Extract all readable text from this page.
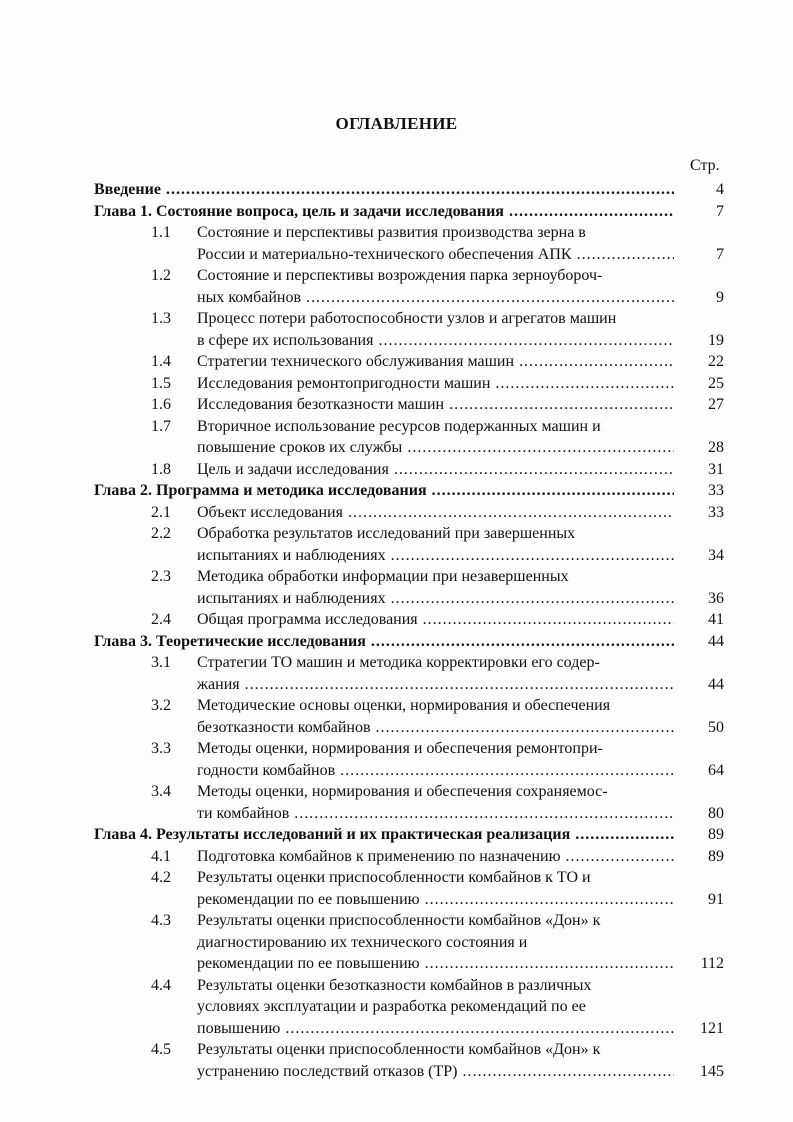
ОГЛАВЛЕНИЕ
Стр.
Введение .....	4
Глава 1. Состояние вопроса, цель и задачи исследования .....	7
1.1 Состояние и перспективы развития производства зерна в
России и материально-технического обеспечения АПК .....	7
1.2 Состояние и перспективы возрождения парка зерноубороч-
ных комбайнов .....	9
1.3 Процесс потери работоспособности узлов и агрегатов машин
в сфере их использования .....	19
1.4 Стратегии технического обслуживания машин .....	22
1.5 Исследования ремонтопригодности машин .....	25
1.6 Исследования безотказности машин .....	27
1.7 Вторичное использование ресурсов подержанных машин и
повышение сроков их службы .....	28
1.8 Цель и задачи исследования .....	31
Глава 2. Программа и методика исследования .....	33
2.1 Объект исследования .....	33
2.2 Обработка результатов исследований при завершенных
испытаниях и наблюдениях .....	34
2.3 Методика обработки информации при незавершенных
испытаниях и наблюдениях .....	36
2.4 Общая программа исследования .....	41
Глава 3. Теоретические исследования .....	44
3.1 Стратегии ТО машин и методика корректировки его содер-
жания .....	44
3.2 Методические основы оценки, нормирования и обеспечения
безотказности комбайнов .....	50
3.3 Методы оценки, нормирования и обеспечения ремонтопри-
годности комбайнов .....	64
3.4 Методы оценки, нормирования и обеспечения сохраняемос-
ти комбайнов .....	80
Глава 4. Результаты исследований и их практическая реализация .....	89
4.1 Подготовка комбайнов к применению по назначению .....	89
4.2 Результаты оценки приспособленности комбайнов к ТО и
рекомендации по ее повышению .....	91
4.3 Результаты оценки приспособленности комбайнов «Дон» к
диагностированию их технического состояния и
рекомендации по ее повышению .....	112
4.4 Результаты оценки безотказности комбайнов в различных
условиях эксплуатации и разработка рекомендаций по ее
повышению .....	121
4.5 Результаты оценки приспособленности комбайнов «Дон» к
устранению последствий отказов (ТР) .....	145
